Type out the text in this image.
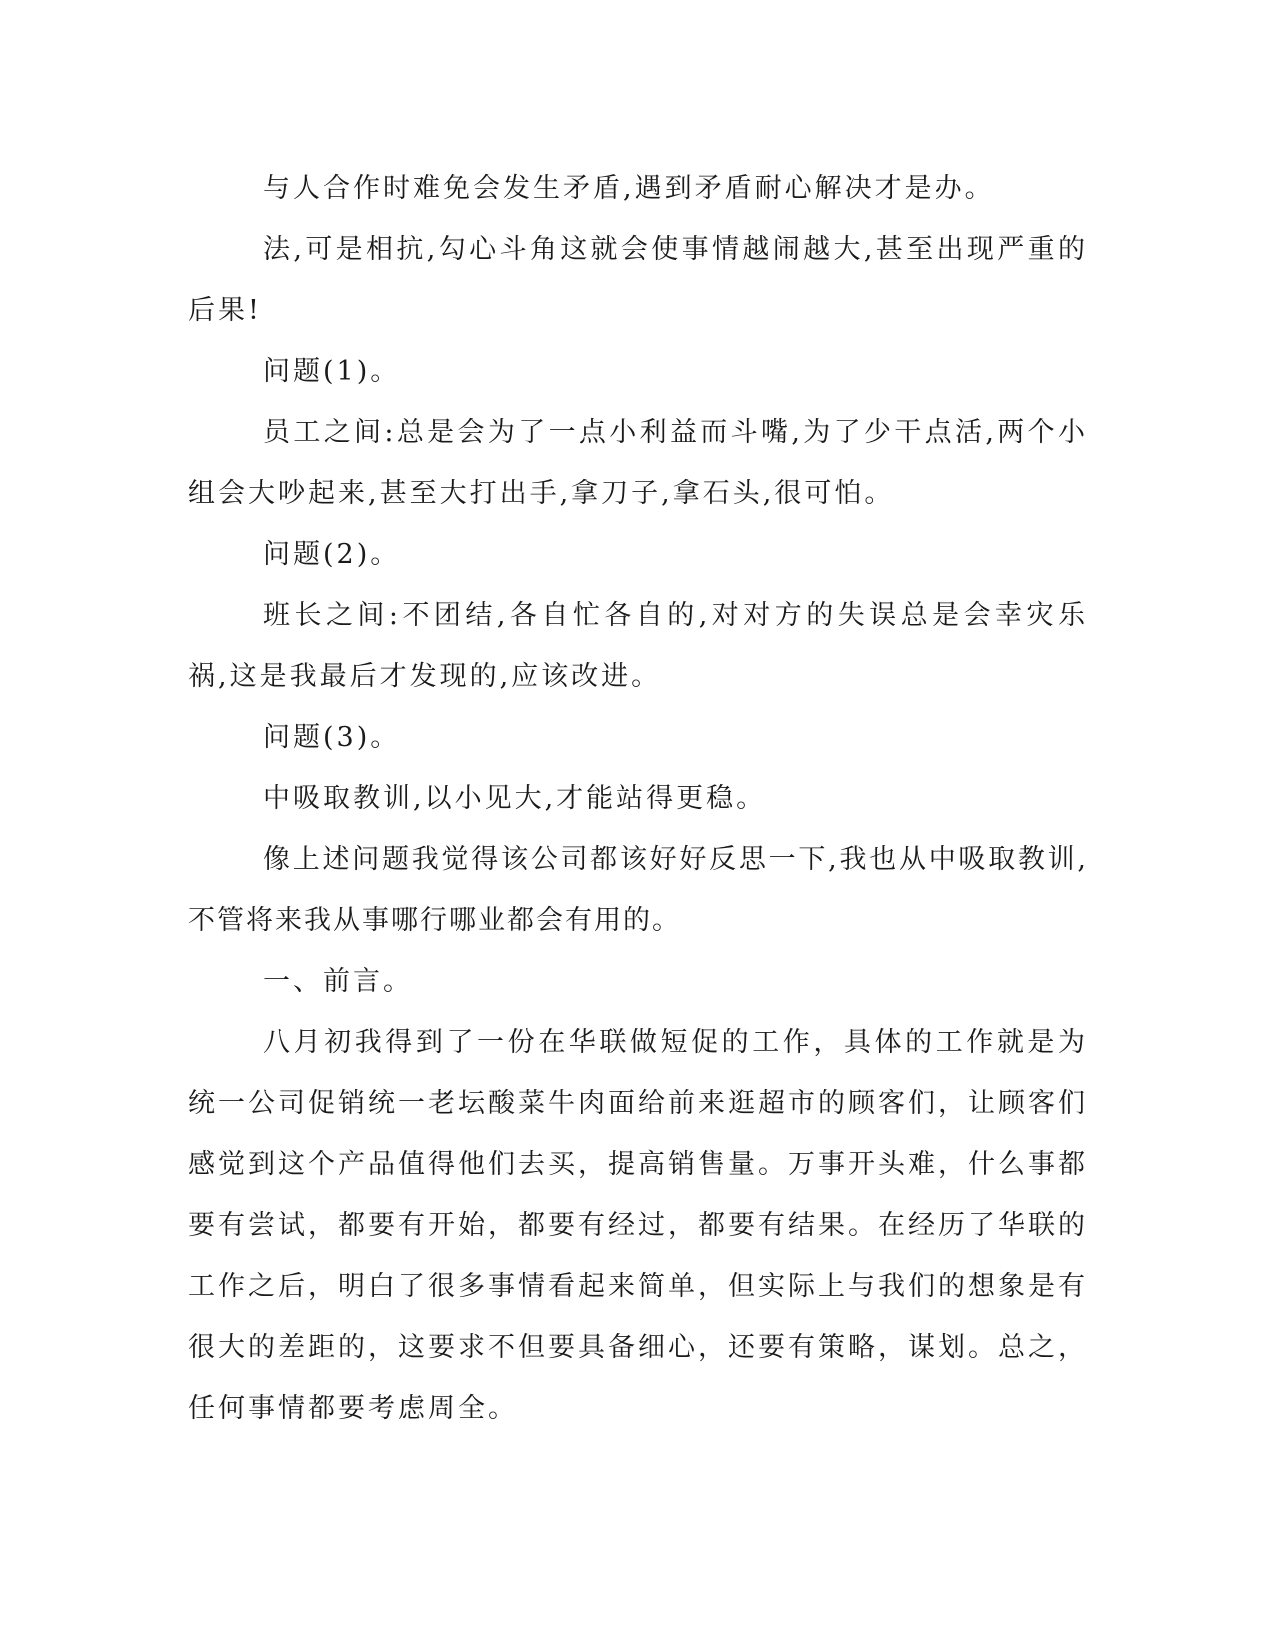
与人合作时难免会发生矛盾,遇到矛盾耐心解决才是办。

法,可是相抗,勾心斗角这就会使事情越闹越大,甚至出现严重的后果!

问题(1)。

员工之间:总是会为了一点小利益而斗嘴,为了少干点活,两个小组会大吵起来,甚至大打出手,拿刀子,拿石头,很可怕。

问题(2)。

班长之间:不团结,各自忙各自的,对对方的失误总是会幸灾乐祸,这是我最后才发现的,应该改进。

问题(3)。

中吸取教训,以小见大,才能站得更稳。

像上述问题我觉得该公司都该好好反思一下,我也从中吸取教训,不管将来我从事哪行哪业都会有用的。

一、前言。

八月初我得到了一份在华联做短促的工作，具体的工作就是为统一公司促销统一老坛酸菜牛肉面给前来逛超市的顾客们，让顾客们感觉到这个产品值得他们去买，提高销售量。万事开头难，什么事都要有尝试，都要有开始，都要有经过，都要有结果。在经历了华联的工作之后，明白了很多事情看起来简单，但实际上与我们的想象是有很大的差距的，这要求不但要具备细心，还要有策略，谋划。总之，任何事情都要考虑周全。
